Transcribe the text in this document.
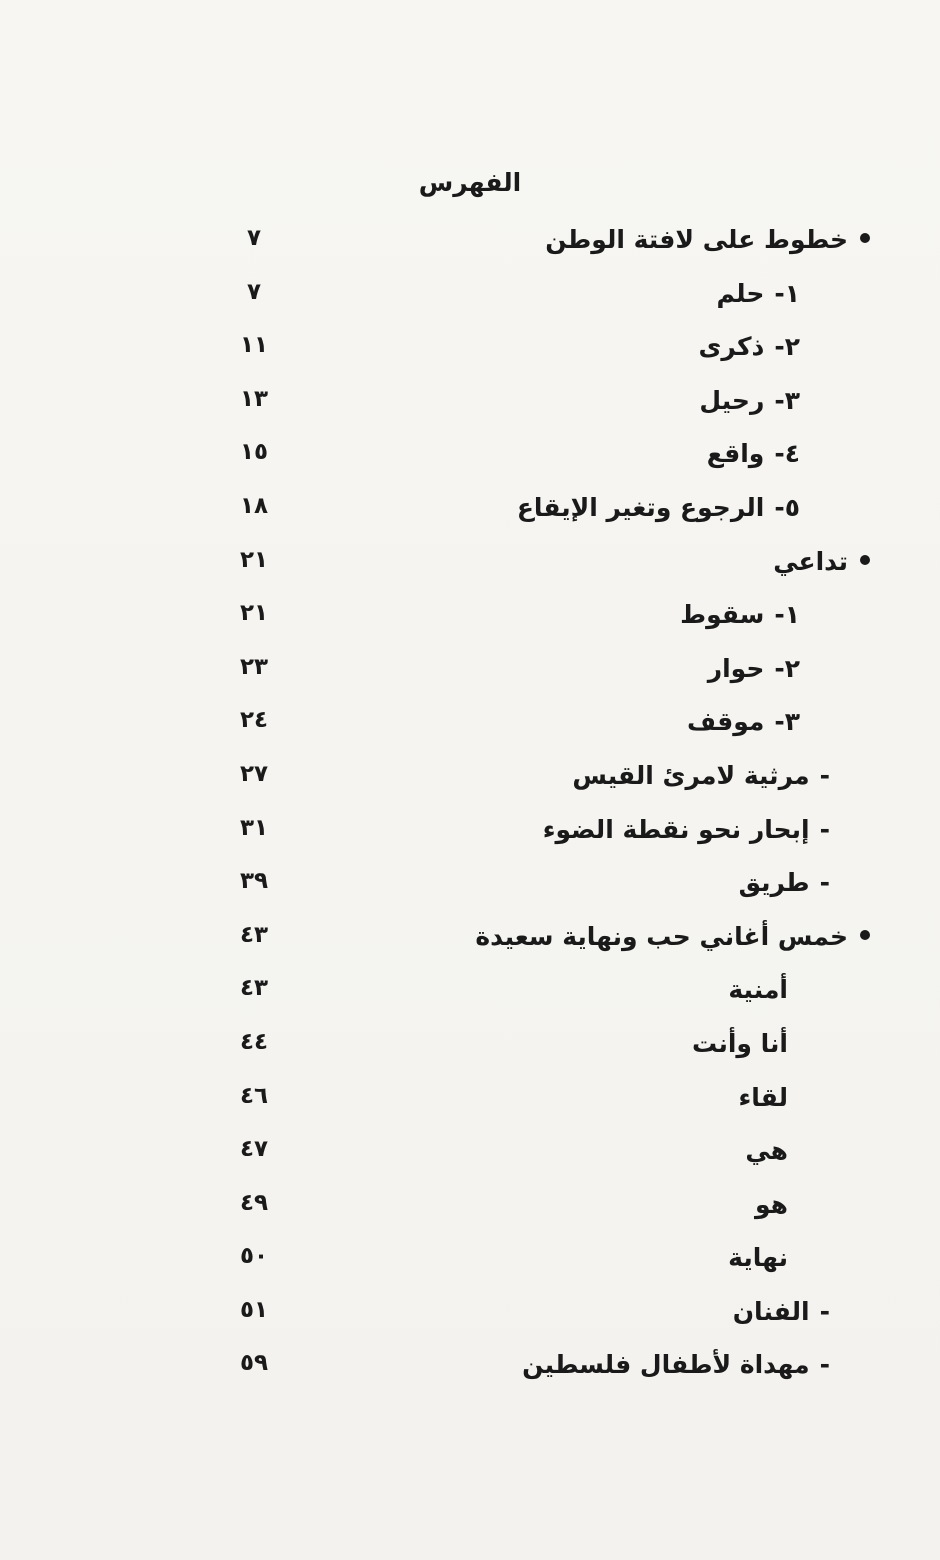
الفهرس
خطوط على لافتة الوطن
٧
١-حلم
٧
٢-ذكرى
١١
٣-رحيل
١٣
٤-واقع
١٥
٥-الرجوع وتغير الإيقاع
١٨
تداعي
٢١
١-سقوط
٢١
٢-حوار
٢٣
٣-موقف
٢٤
-مرثية لامرئ القيس
٢٧
-إبحار نحو نقطة الضوء
٣١
-طريق
٣٩
خمس أغاني حب ونهاية سعيدة
٤٣
أمنية
٤٣
أنا وأنت
٤٤
لقاء
٤٦
هي
٤٧
هو
٤٩
نهاية
٥٠
-الفنان
٥١
-مهداة لأطفال فلسطين
٥٩
